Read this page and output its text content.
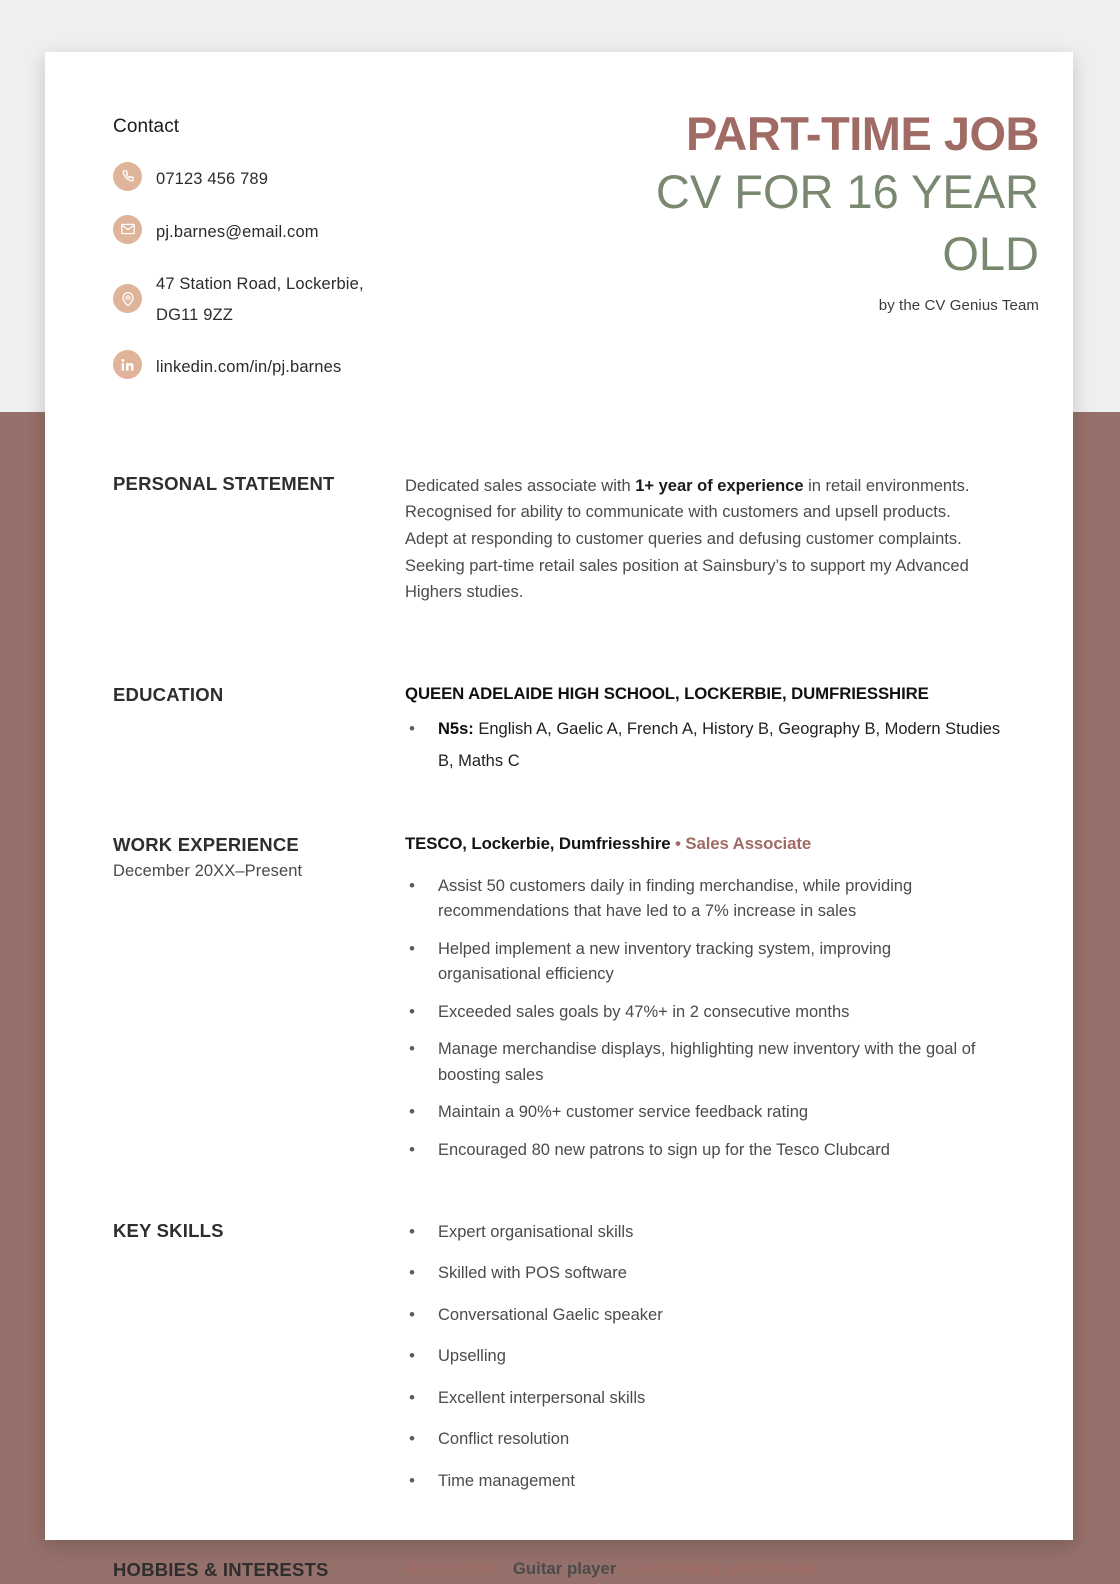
Contact
07123 456 789
pj.barnes@email.com
47 Station Road, Lockerbie,
DG11 9ZZ
linkedin.com/in/pj.barnes
PART-TIME JOB
CV FOR 16 YEAR
OLD
by the CV Genius Team
PERSONAL STATEMENT	Dedicated sales associate with 1+ year of experience in retail environments. Recognised for ability to communicate with customers and upsell products. Adept at responding to customer queries and defusing customer complaints. Seeking part-time retail sales position at Sainsbury’s to support my Advanced Highers studies.

EDUCATION	QUEEN ADELAIDE HIGH SCHOOL, LOCKERBIE, DUMFRIESSHIRE
• N5s: English A, Gaelic A, French A, History B, Geography B, Modern Studies B, Maths C
WORK EXPERIENCE
December 20XX–Present
TESCO, Lockerbie, Dumfriesshire • Sales Associate
• Assist 50 customers daily in finding merchandise, while providing recommendations that have led to a 7% increase in sales
• Helped implement a new inventory tracking system, improving organisational efficiency
• Exceeded sales goals by 47%+ in 2 consecutive months
• Manage merchandise displays, highlighting new inventory with the goal of boosting sales
• Maintain a 90%+ customer service feedback rating
• Encouraged 80 new patrons to sign up for the Tesco Clubcard
KEY SKILLS	• Expert organisational skills
• Skilled with POS software
• Conversational Gaelic speaker
• Upselling
• Excellent interpersonal skills
• Conflict resolution
• Time management
HOBBIES & INTERESTS	Avid cyclist • Guitar player • Socialising with friends
